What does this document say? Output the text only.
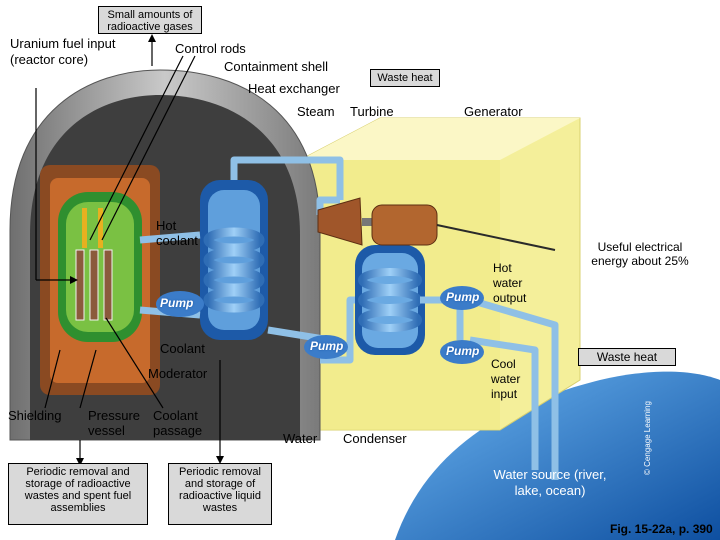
Small amounts of radioactive gases
Uranium fuel input (reactor core)
Control rods
Containment shell
Heat exchanger
Waste heat
Steam Turbine	Generator
Hot coolant	Useful electrical energy about 25%
Hot water output
Pump
Pump
Pump
Pump
Coolant
Moderator
Cool water input
Waste heat
Shielding Pressure vessel
Coolant passage
Water Condenser
Water source (river, lake, ocean)
Periodic removal and storage of radioactive wastes and spent fuel assemblies
Periodic removal and storage of radioactive liquid wastes
Fig. 15-22a, p. 390
© Cengage Learning
